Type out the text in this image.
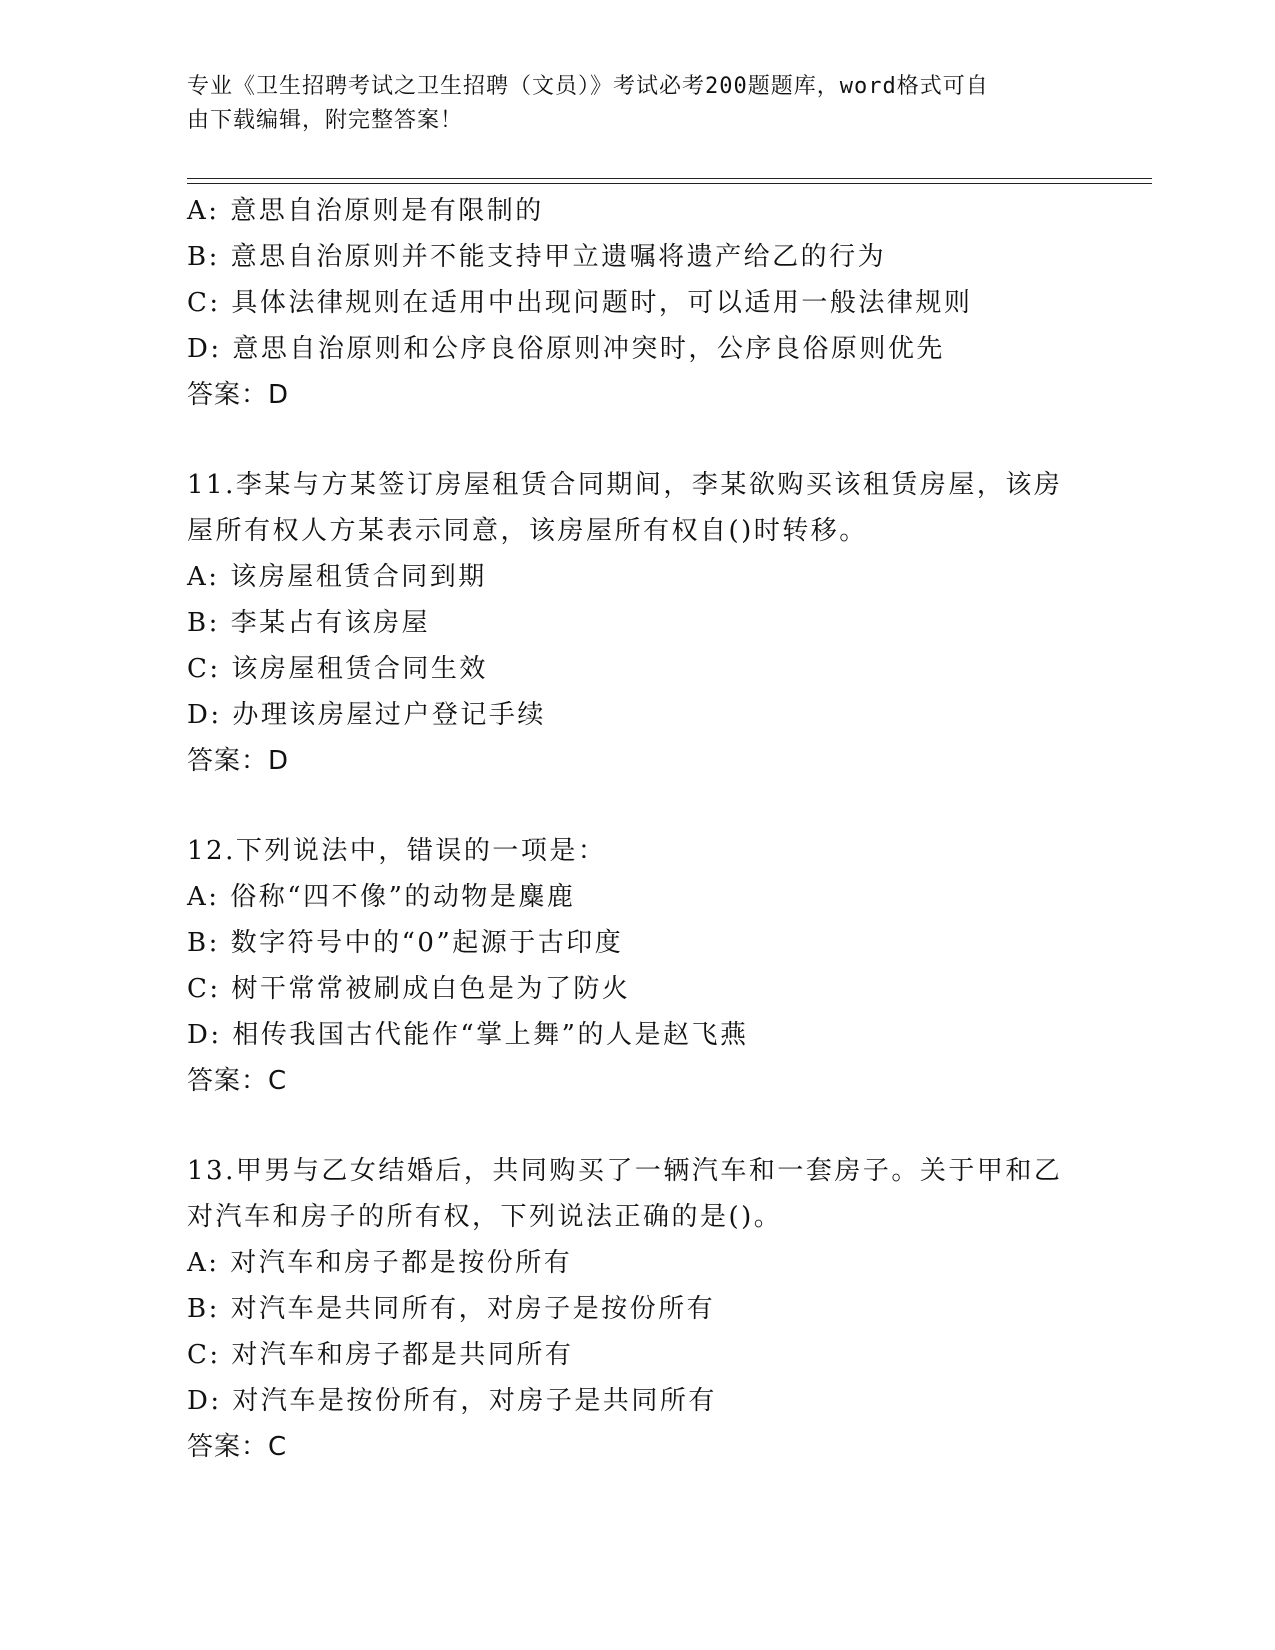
专业《卫生招聘考试之卫生招聘（文员）》考试必考200题题库，word格式可自
由下载编辑，附完整答案！
A: 意思自治原则是有限制的
B: 意思自治原则并不能支持甲立遗嘱将遗产给乙的行为
C: 具体法律规则在适用中出现问题时，可以适用一般法律规则
D: 意思自治原则和公序良俗原则冲突时，公序良俗原则优先
答案：D
11.李某与方某签订房屋租赁合同期间，李某欲购买该租赁房屋，该房
屋所有权人方某表示同意，该房屋所有权自()时转移。
A: 该房屋租赁合同到期
B: 李某占有该房屋
C: 该房屋租赁合同生效
D: 办理该房屋过户登记手续
答案：D
12.下列说法中，错误的一项是：
A: 俗称“四不像”的动物是麋鹿
B: 数字符号中的“0”起源于古印度
C: 树干常常被刷成白色是为了防火
D: 相传我国古代能作“掌上舞”的人是赵飞燕
答案：C
13.甲男与乙女结婚后，共同购买了一辆汽车和一套房子。关于甲和乙
对汽车和房子的所有权，下列说法正确的是()。
A: 对汽车和房子都是按份所有
B: 对汽车是共同所有，对房子是按份所有
C: 对汽车和房子都是共同所有
D: 对汽车是按份所有，对房子是共同所有
答案：C
